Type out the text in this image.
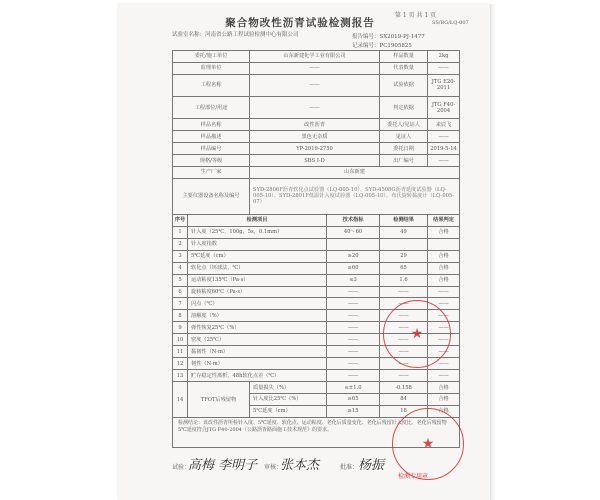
第 1 页 共 1 页
SS/BG/LQ-007
聚合物改性沥青试验检测报告
试验室名称：河南省公路工程试验检测中心有限公司	报告编号：SX2019-PJ-1477
记录编号：PC1905825
委托/施工单位		山东新建化学工业有限公司		样品数量	2kg
监理单位		——		代表数量	——
工程名称		——		试验依据	JTG E20-2011
工程部位/用途		——		判定依据	JTG F40-2004
样品名称		改性沥青		委托人/见证人	来辰飞
样品描述		黑色无杂质		见证人	——
样品编号		YP-2019-2750		委托日期	2019-5-14
规格/等级		SBS I-D		出厂编号	——
生产厂家		山东新建			
主要仪器设备名称及编号		SYD-2806F沥青软化点试验器（LQ-005-10）、SYD-4508G沥青延度试验器（LQ-005-10）、SYD-2801F低温针入度试验器（LQ-005-10）、布氏旋转黏度计（LQ-005-07）			
序号	检测项目		技术指标	检测结果	结果判定
1	针入度（25℃，100g，5s，0.1mm）		40～60	49	合格
2	针入度指数				
3	5℃延度（cm）		≥20	29	合格
4	软化点（环球法，℃）		≥60	65	合格
5	运动粘度135℃（Pa·s）		≤3	1.6	合格
6	旋转粘度60℃（Pa·s）		——	——	——
7	闪点（℃）		——	——	——
8	溶解度（%）		——	——	——
9	弹性恢复25℃（%）		——	——	——
10	密度（25℃）		——	——	——
11	黏韧性（N·m）		——	——	——
12	韧性（N·m）		——	——	——
13	贮存稳定性离析，48h软化点差（℃）		——	——	——
14	TFOT后残留物	质量损失（%）	≤±1.0	-0.158	合格
		针入度比25℃（%）	≥65	84	合格
		5℃延度（cm）	≥15	18	合格

检测结论：该改性沥青所检针入度、5℃延度、软化点、运动粘度、老化后质量变化、老化后残留针入度比、老化后残留物5℃延度符合JTG F40-2004《公路沥青路面施工技术规范》的要求。
★
★
检测专用章
试验：
高梅 李明子 审核：
张本杰	批准： 杨振
